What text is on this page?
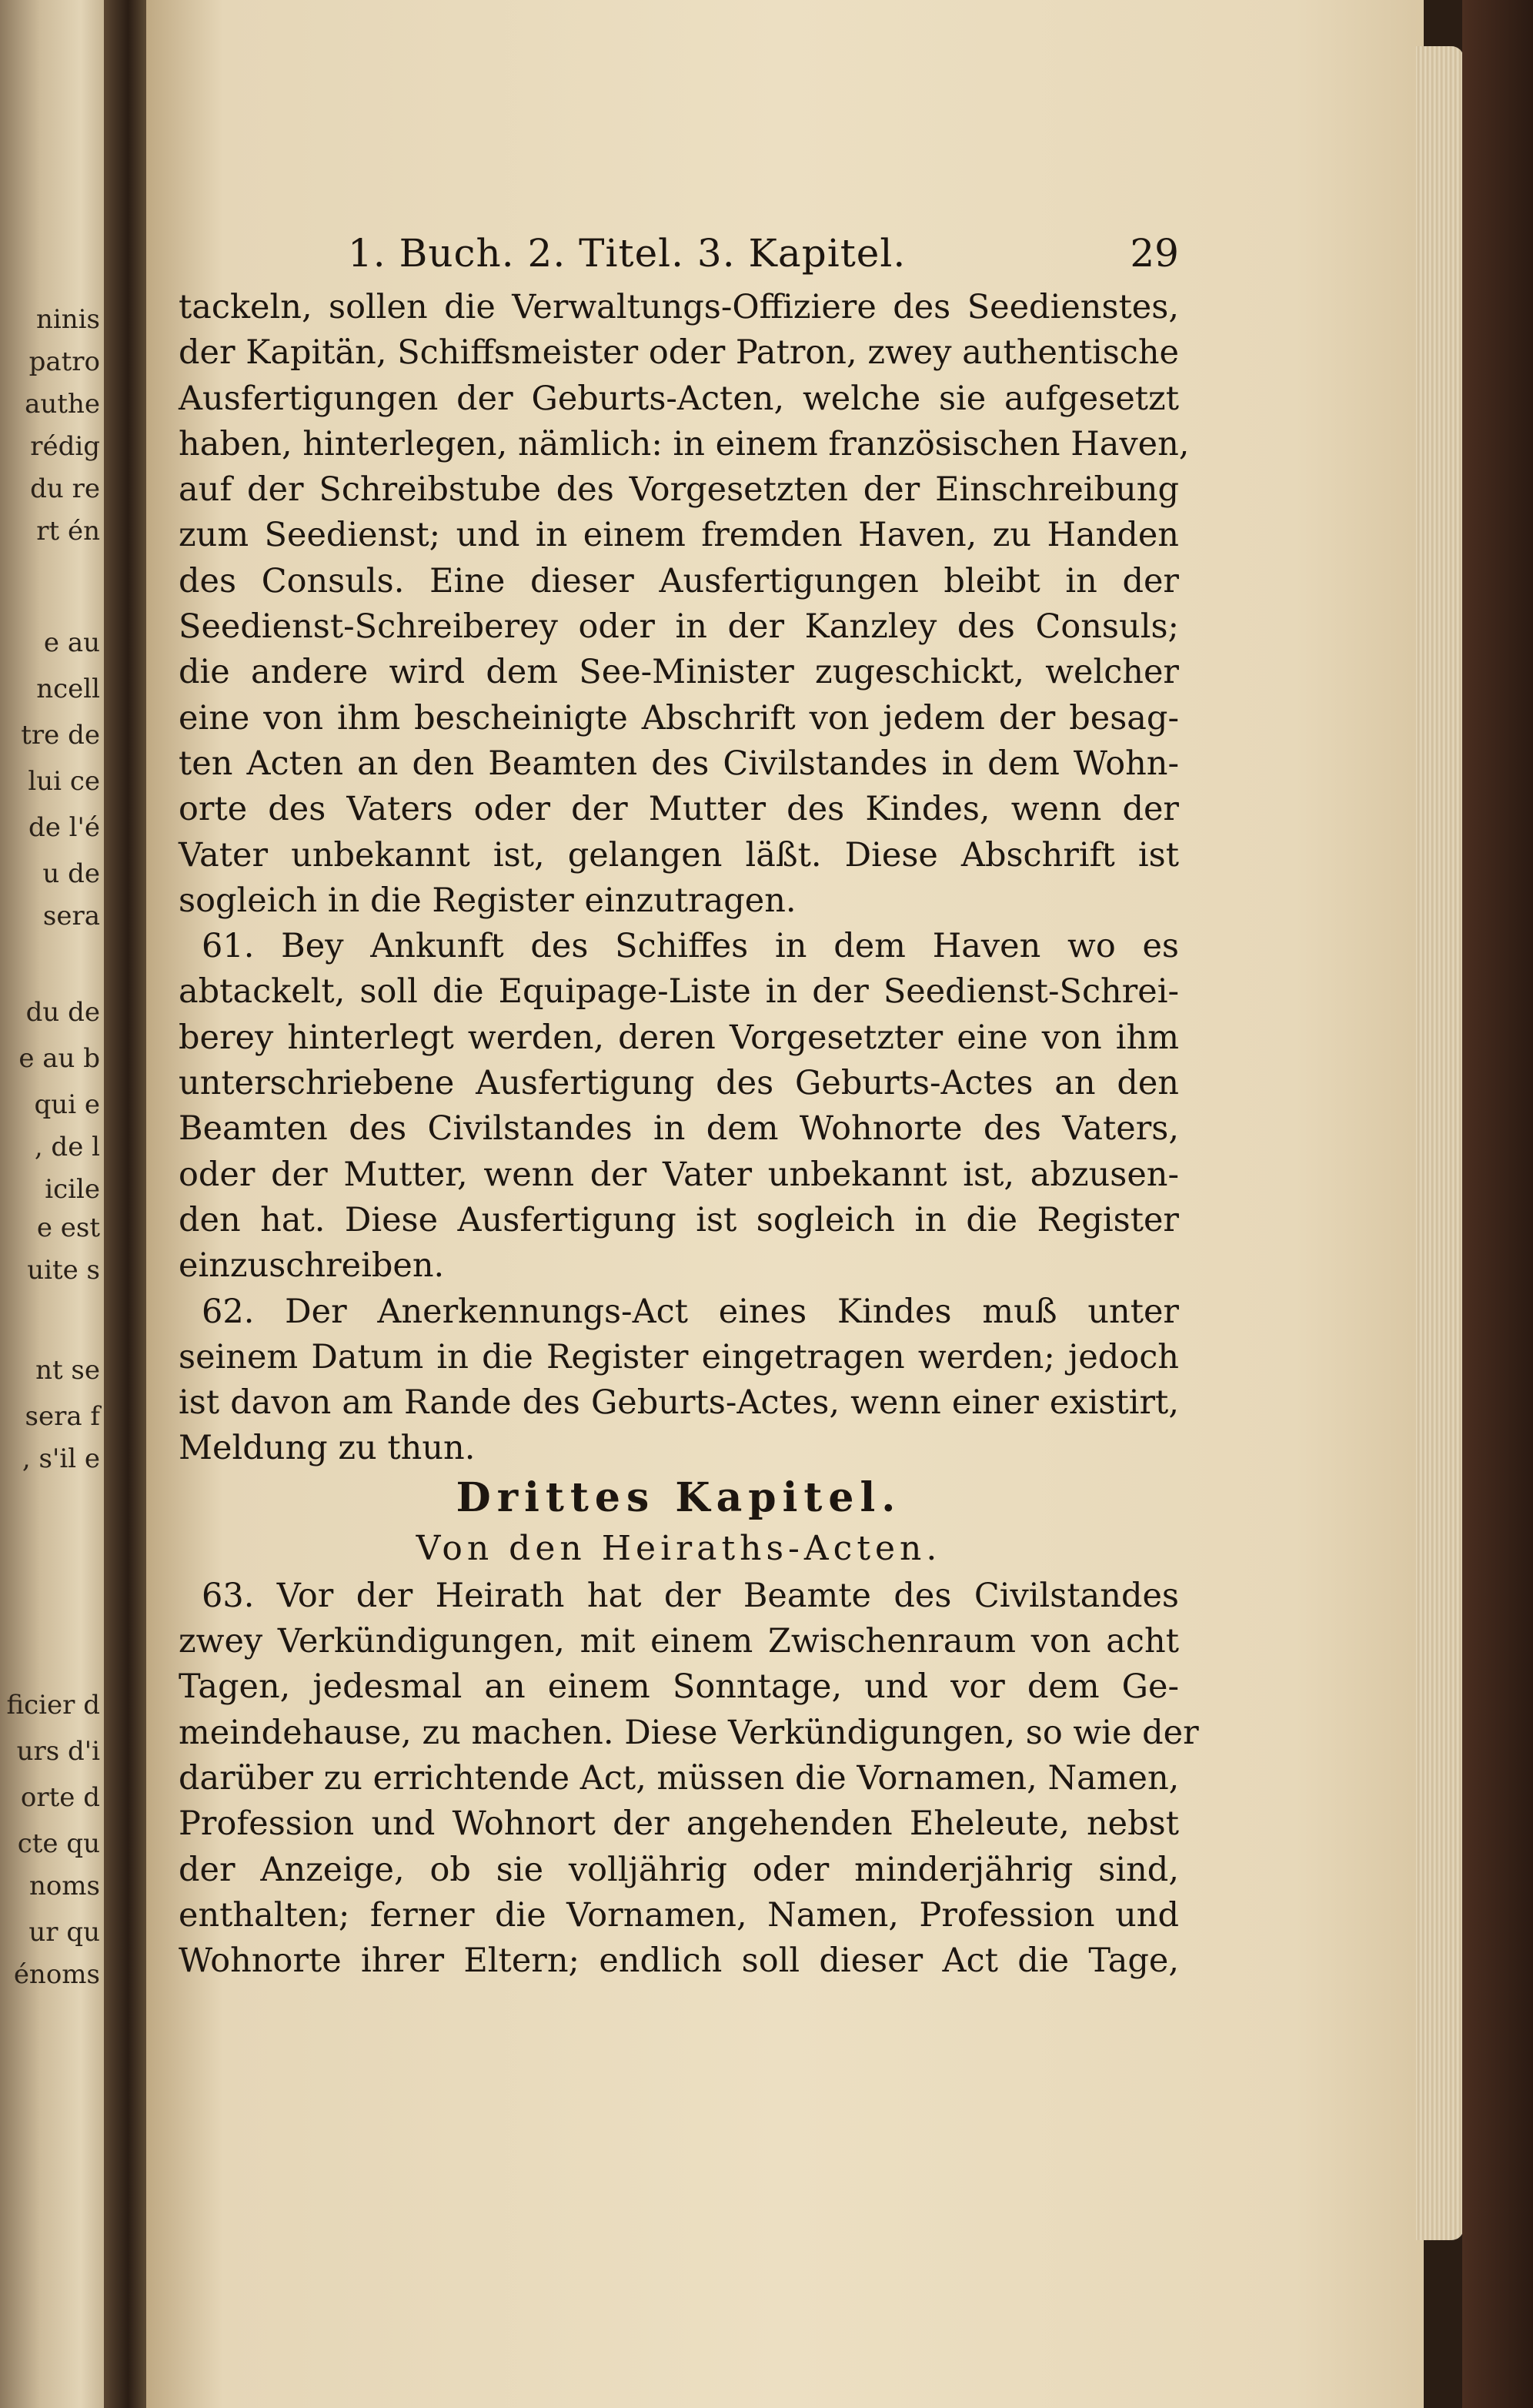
ninis
patro
authe
rédig
du re
rt én
e au
ncell
tre de
lui ce
de l'é
u de
sera
du de
e au b
qui e
, de l
icile
e est
uite s
nt se
sera f
, s'il e
ficier d
urs d'i
orte d
cte qu
noms
ur qu
énoms
1. Buch. 2. Titel. 3. Kapitel.	29
tackeln, sollen die Verwaltungs-Offiziere des Seedienstes,
der Kapitän, Schiffsmeister oder Patron, zwey authentische
Ausfertigungen der Geburts-Acten, welche sie aufgesetzt
haben, hinterlegen, nämlich: in einem französischen Haven,
auf der Schreibstube des Vorgesetzten der Einschreibung
zum Seedienst; und in einem fremden Haven, zu Handen
des Consuls. Eine dieser Ausfertigungen bleibt in der
Seedienst-Schreiberey oder in der Kanzley des Consuls;
die andere wird dem See-Minister zugeschickt, welcher
eine von ihm bescheinigte Abschrift von jedem der besag-
ten Acten an den Beamten des Civilstandes in dem Wohn-
orte des Vaters oder der Mutter des Kindes, wenn der
Vater unbekannt ist, gelangen läßt. Diese Abschrift ist
sogleich in die Register einzutragen.
61. Bey Ankunft des Schiffes in dem Haven wo es
abtackelt, soll die Equipage-Liste in der Seedienst-Schrei-
berey hinterlegt werden, deren Vorgesetzter eine von ihm
unterschriebene Ausfertigung des Geburts-Actes an den
Beamten des Civilstandes in dem Wohnorte des Vaters,
oder der Mutter, wenn der Vater unbekannt ist, abzusen-
den hat. Diese Ausfertigung ist sogleich in die Register
einzuschreiben.
62. Der Anerkennungs-Act eines Kindes muß unter
seinem Datum in die Register eingetragen werden; jedoch
ist davon am Rande des Geburts-Actes, wenn einer existirt,
Meldung zu thun.
Drittes Kapitel.
Von den Heiraths-Acten.
63. Vor der Heirath hat der Beamte des Civilstandes
zwey Verkündigungen, mit einem Zwischenraum von acht
Tagen, jedesmal an einem Sonntage, und vor dem Ge-
meindehause, zu machen. Diese Verkündigungen, so wie der
darüber zu errichtende Act, müssen die Vornamen, Namen,
Profession und Wohnort der angehenden Eheleute, nebst
der Anzeige, ob sie volljährig oder minderjährig sind,
enthalten; ferner die Vornamen, Namen, Profession und
Wohnorte ihrer Eltern; endlich soll dieser Act die Tage,
